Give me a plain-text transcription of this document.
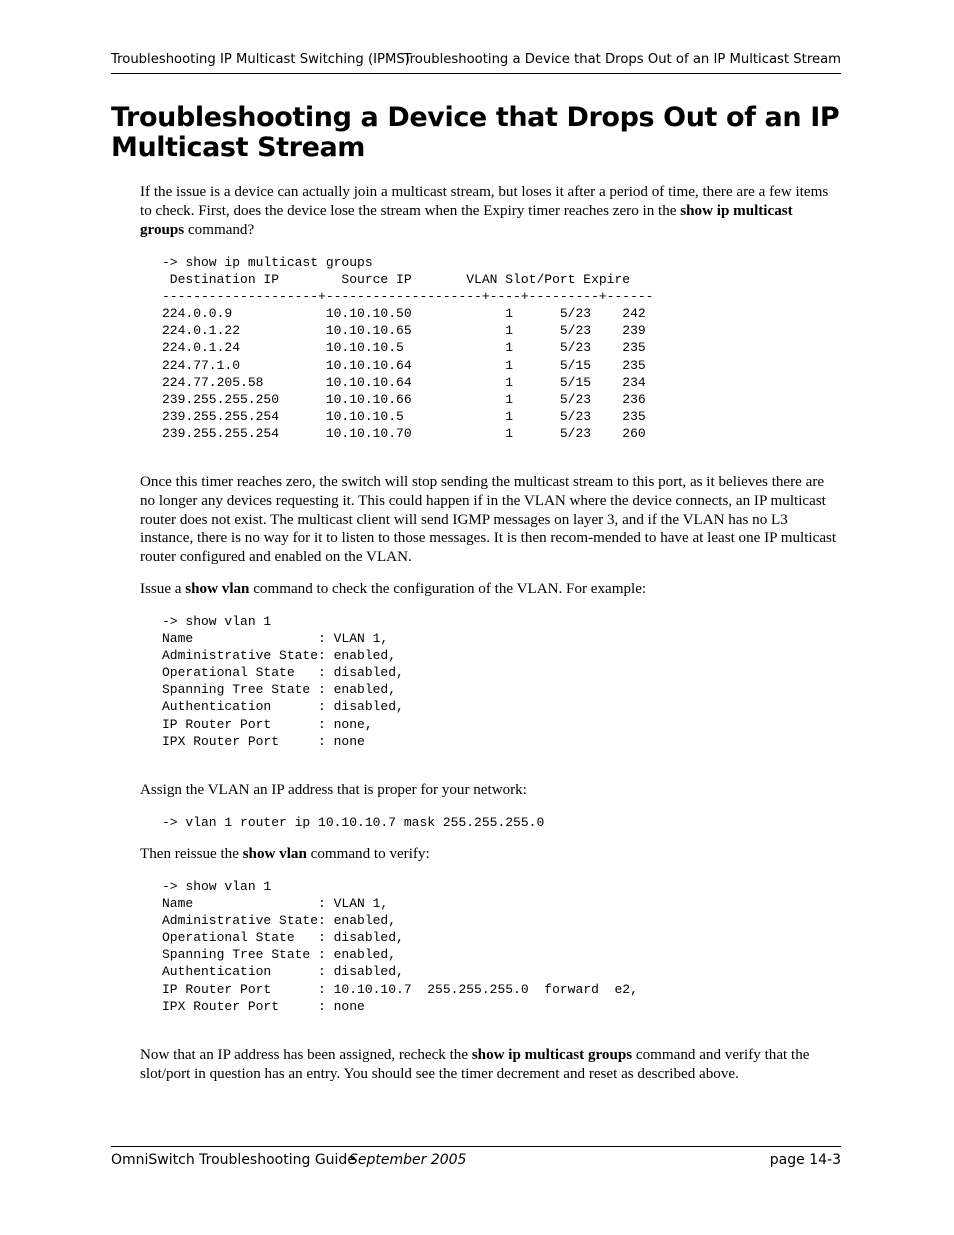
Troubleshooting IP Multicast Switching (IPMS)
Troubleshooting a Device that Drops Out of an IP Multicast Stream
Troubleshooting a Device that Drops Out of an IP Multicast Stream

If the issue is a device can actually join a multicast stream, but loses it after a period of time, there are a few items to check. First, does the device lose the stream when the Expiry timer reaches zero in the show ip multicast groups command?

-> show ip multicast groups
Destination IP        Source IP       VLAN Slot/Port Expire
--------------------+--------------------+----+---------+------
224.0.0.9            10.10.10.50            1      5/23    242
224.0.1.22           10.10.10.65            1      5/23    239
224.0.1.24           10.10.10.5             1      5/23    235
224.77.1.0           10.10.10.64            1      5/15    235
224.77.205.58        10.10.10.64            1      5/15    234
239.255.255.250      10.10.10.66            1      5/23    236
239.255.255.254      10.10.10.5             1      5/23    235
239.255.255.254      10.10.10.70            1      5/23    260

Once this timer reaches zero, the switch will stop sending the multicast stream to this port, as it believes there are no longer any devices requesting it. This could happen if in the VLAN where the device connects, an IP multicast router does not exist. The multicast client will send IGMP messages on layer 3, and if the VLAN has no L3 instance, there is no way for it to listen to those messages. It is then recom-mended to have at least one IP multicast router configured and enabled on the VLAN.

Issue a show vlan command to check the configuration of the VLAN. For example:

-> show vlan 1
Name                : VLAN 1,
Administrative State: enabled,
Operational State   : disabled,
Spanning Tree State : enabled,
Authentication      : disabled,
IP Router Port      : none,
IPX Router Port     : none

Assign the VLAN an IP address that is proper for your network:

-> vlan 1 router ip 10.10.10.7 mask 255.255.255.0

Then reissue the show vlan command to verify:

-> show vlan 1
Name                : VLAN 1,
Administrative State: enabled,
Operational State   : disabled,
Spanning Tree State : enabled,
Authentication      : disabled,
IP Router Port      : 10.10.10.7  255.255.255.0  forward  e2,
IPX Router Port     : none

Now that an IP address has been assigned, recheck the show ip multicast groups command and verify that the slot/port in question has an entry. You should see the timer decrement and reset as described above.

OmniSwitch Troubleshooting Guide
September 2005	page 14-3
